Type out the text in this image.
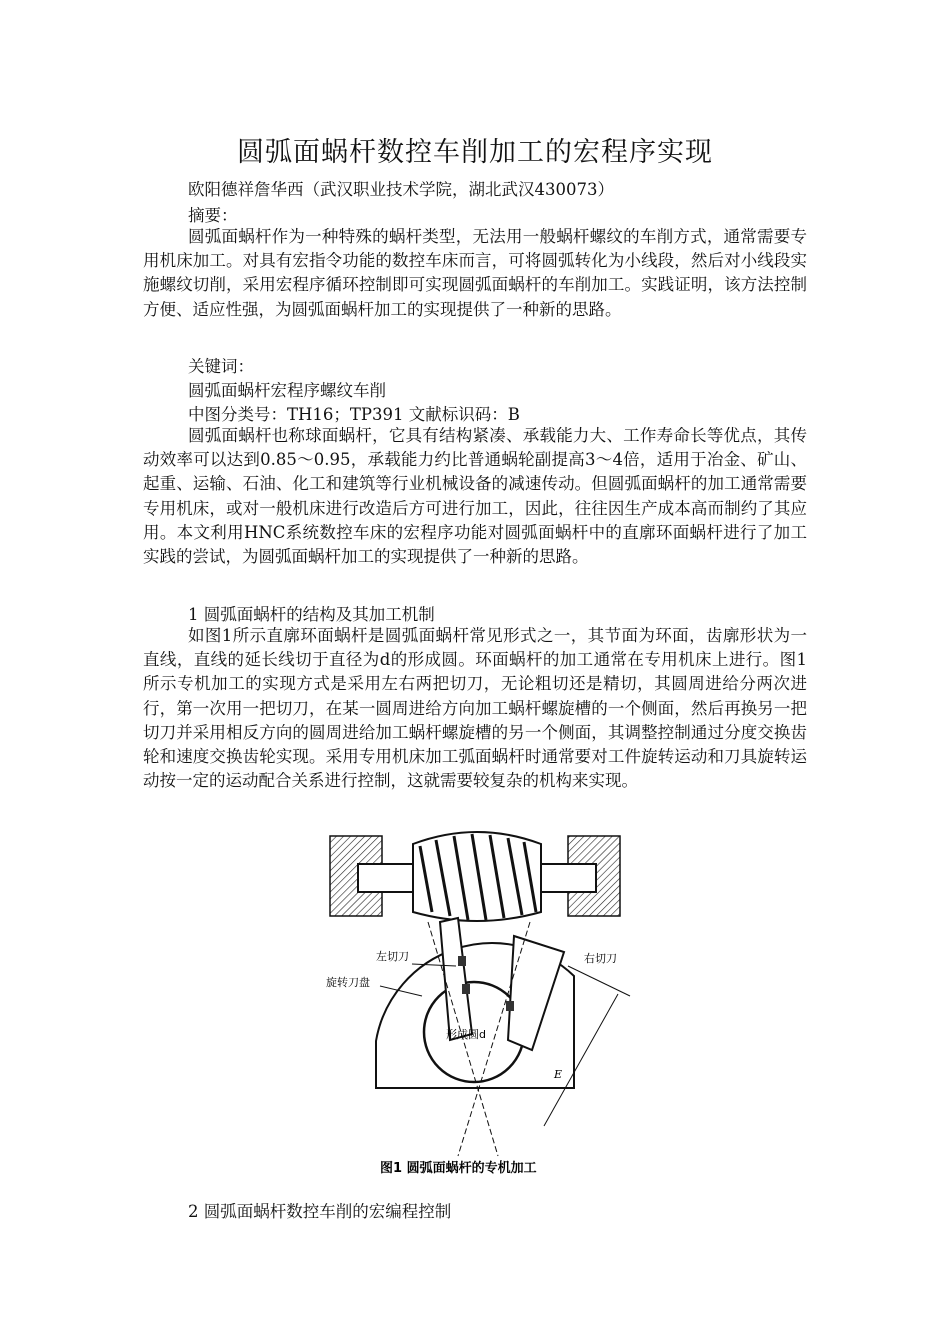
圆弧面蜗杆数控车削加工的宏程序实现
欧阳德祥詹华西（武汉职业技术学院，湖北武汉430073）
摘要：

圆弧面蜗杆作为一种特殊的蜗杆类型，无法用一般蜗杆螺纹的车削方式，通常需要专用机床加工。对具有宏指令功能的数控车床而言，可将圆弧转化为小线段，然后对小线段实施螺纹切削，采用宏程序循环控制即可实现圆弧面蜗杆的车削加工。实践证明，该方法控制方便、适应性强，为圆弧面蜗杆加工的实现提供了一种新的思路。

关键词：
圆弧面蜗杆宏程序螺纹车削
中图分类号：TH16；TP391 文献标识码：B

圆弧面蜗杆也称球面蜗杆，它具有结构紧凑、承载能力大、工作寿命长等优点，其传动效率可以达到0.85～0.95，承载能力约比普通蜗轮副提高3～4倍，适用于冶金、矿山、起重、运输、石油、化工和建筑等行业机械设备的减速传动。但圆弧面蜗杆的加工通常需要专用机床，或对一般机床进行改造后方可进行加工，因此，往往因生产成本高而制约了其应用。本文利用HNC系统数控车床的宏程序功能对圆弧面蜗杆中的直廓环面蜗杆进行了加工实践的尝试，为圆弧面蜗杆加工的实现提供了一种新的思路。

1 圆弧面蜗杆的结构及其加工机制

如图1所示直廓环面蜗杆是圆弧面蜗杆常见形式之一，其节面为环面，齿廓形状为一直线，直线的延长线切于直径为d的形成圆。环面蜗杆的加工通常在专用机床上进行。图1所示专机加工的实现方式是采用左右两把切刀，无论粗切还是精切，其圆周进给分两次进行，第一次用一把切刀，在某一圆周进给方向加工蜗杆螺旋槽的一个侧面，然后再换另一把切刀并采用相反方向的圆周进给加工蜗杆螺旋槽的另一个侧面，其调整控制通过分度交换齿轮和速度交换齿轮实现。采用专用机床加工弧面蜗杆时通常要对工件旋转运动和刀具旋转运动按一定的运动配合关系进行控制，这就需要较复杂的机构来实现。

左切刀	右切刀
旋转刀盘
形成圆d
E
图1 圆弧面蜗杆的专机加工
2 圆弧面蜗杆数控车削的宏编程控制
